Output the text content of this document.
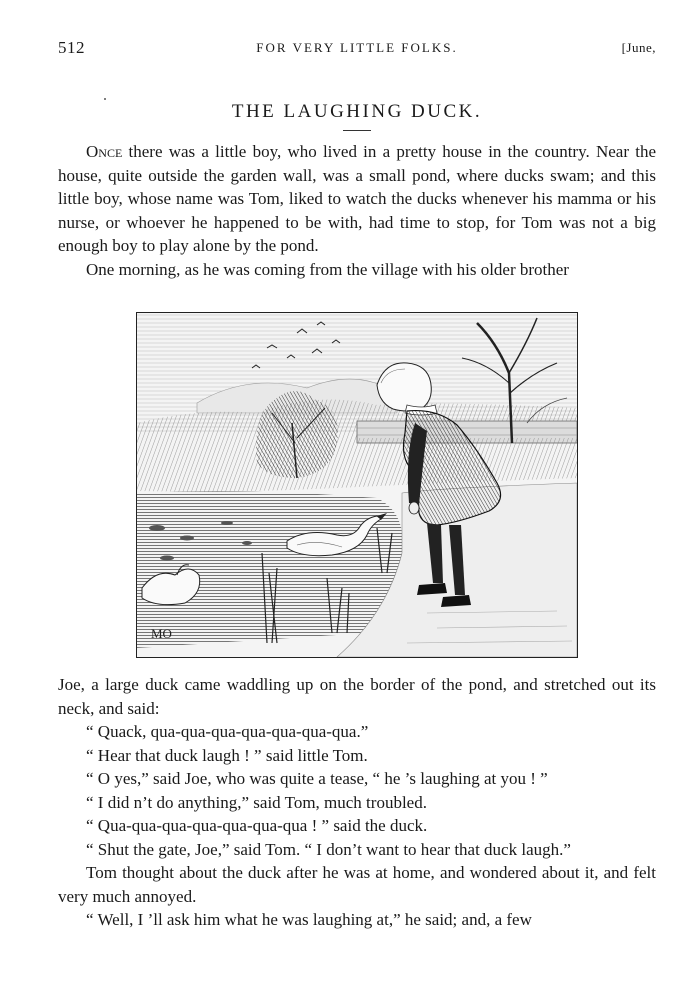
512	FOR VERY LITTLE FOLKS.	[June,
THE LAUGHING DUCK.

Once there was a little boy, who lived in a pretty house in the country. Near the house, quite outside the garden wall, was a small pond, where ducks swam; and this little boy, whose name was Tom, liked to watch the ducks whenever his mamma or his nurse, or whoever he happened to be with, had time to stop, for Tom was not a big enough boy to play alone by the pond.

One morning, as he was coming from the village with his older brother

MO

Joe, a large duck came waddling up on the border of the pond, and stretched out its neck, and said:

“ Quack, qua-qua-qua-qua-qua-qua-qua.”

“ Hear that duck laugh ! ” said little Tom.

“ O yes,” said Joe, who was quite a tease, “ he ’s laughing at you ! ”

“ I did n’t do anything,” said Tom, much troubled.

“ Qua-qua-qua-qua-qua-qua-qua ! ” said the duck.

“ Shut the gate, Joe,” said Tom. “ I don’t want to hear that duck laugh.”

Tom thought about the duck after he was at home, and wondered about it, and felt very much annoyed.

“ Well, I ’ll ask him what he was laughing at,” he said; and, a few
